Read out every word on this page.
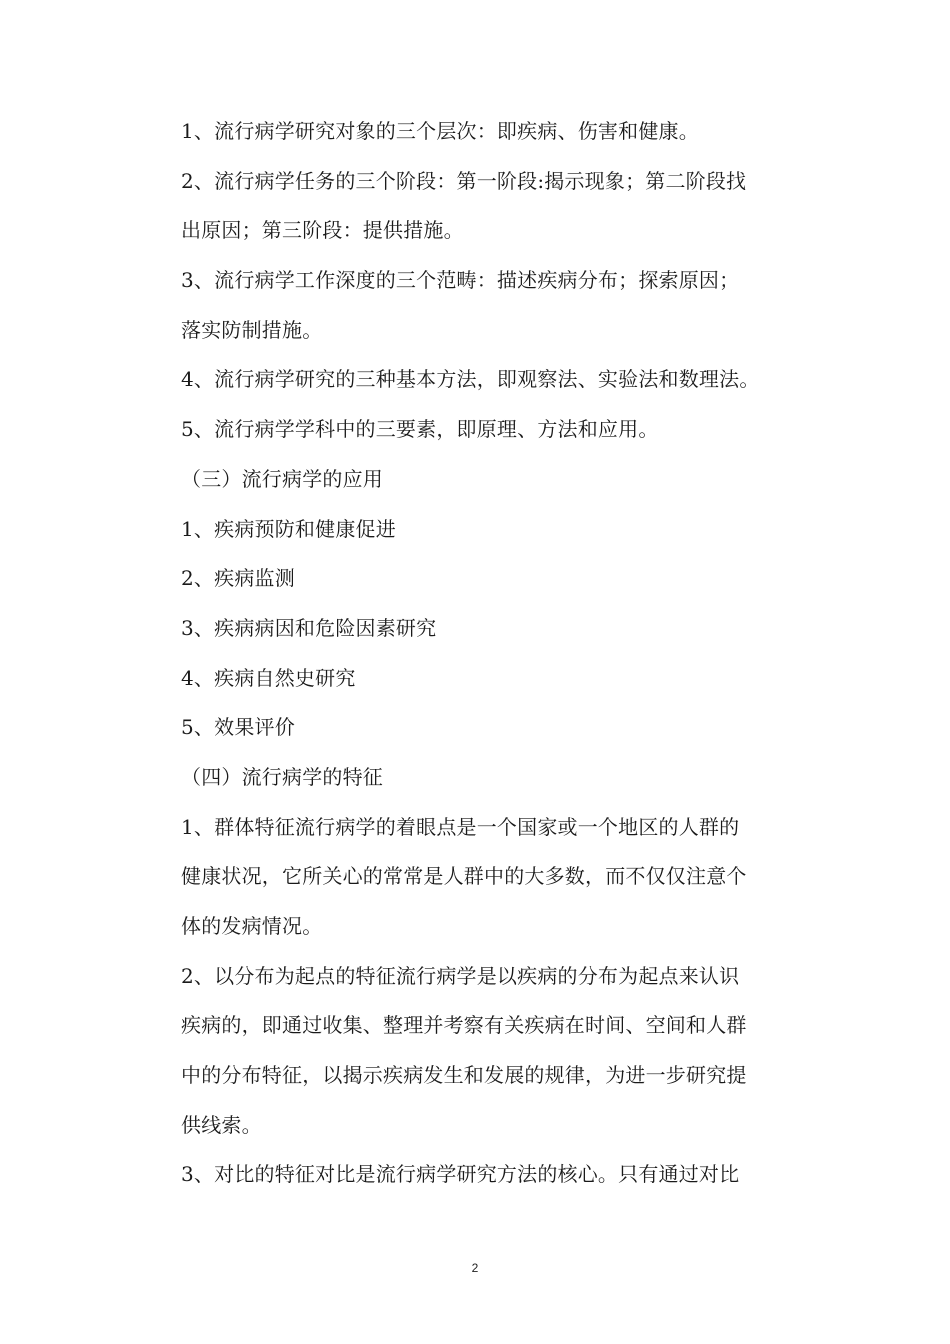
1、流行病学研究对象的三个层次：即疾病、伤害和健康。
2、流行病学任务的三个阶段：第一阶段:揭示现象；第二阶段找
出原因；第三阶段：提供措施。
3、流行病学工作深度的三个范畴：描述疾病分布；探索原因；
落实防制措施。
4、流行病学研究的三种基本方法，即观察法、实验法和数理法。
5、流行病学学科中的三要素，即原理、方法和应用。
（三）流行病学的应用
1、疾病预防和健康促进
2、疾病监测
3、疾病病因和危险因素研究
4、疾病自然史研究
5、效果评价
（四）流行病学的特征
1、群体特征流行病学的着眼点是一个国家或一个地区的人群的
健康状况，它所关心的常常是人群中的大多数，而不仅仅注意个
体的发病情况。
2、以分布为起点的特征流行病学是以疾病的分布为起点来认识
疾病的，即通过收集、整理并考察有关疾病在时间、空间和人群
中的分布特征，以揭示疾病发生和发展的规律，为进一步研究提
供线索。
3、对比的特征对比是流行病学研究方法的核心。只有通过对比
2
